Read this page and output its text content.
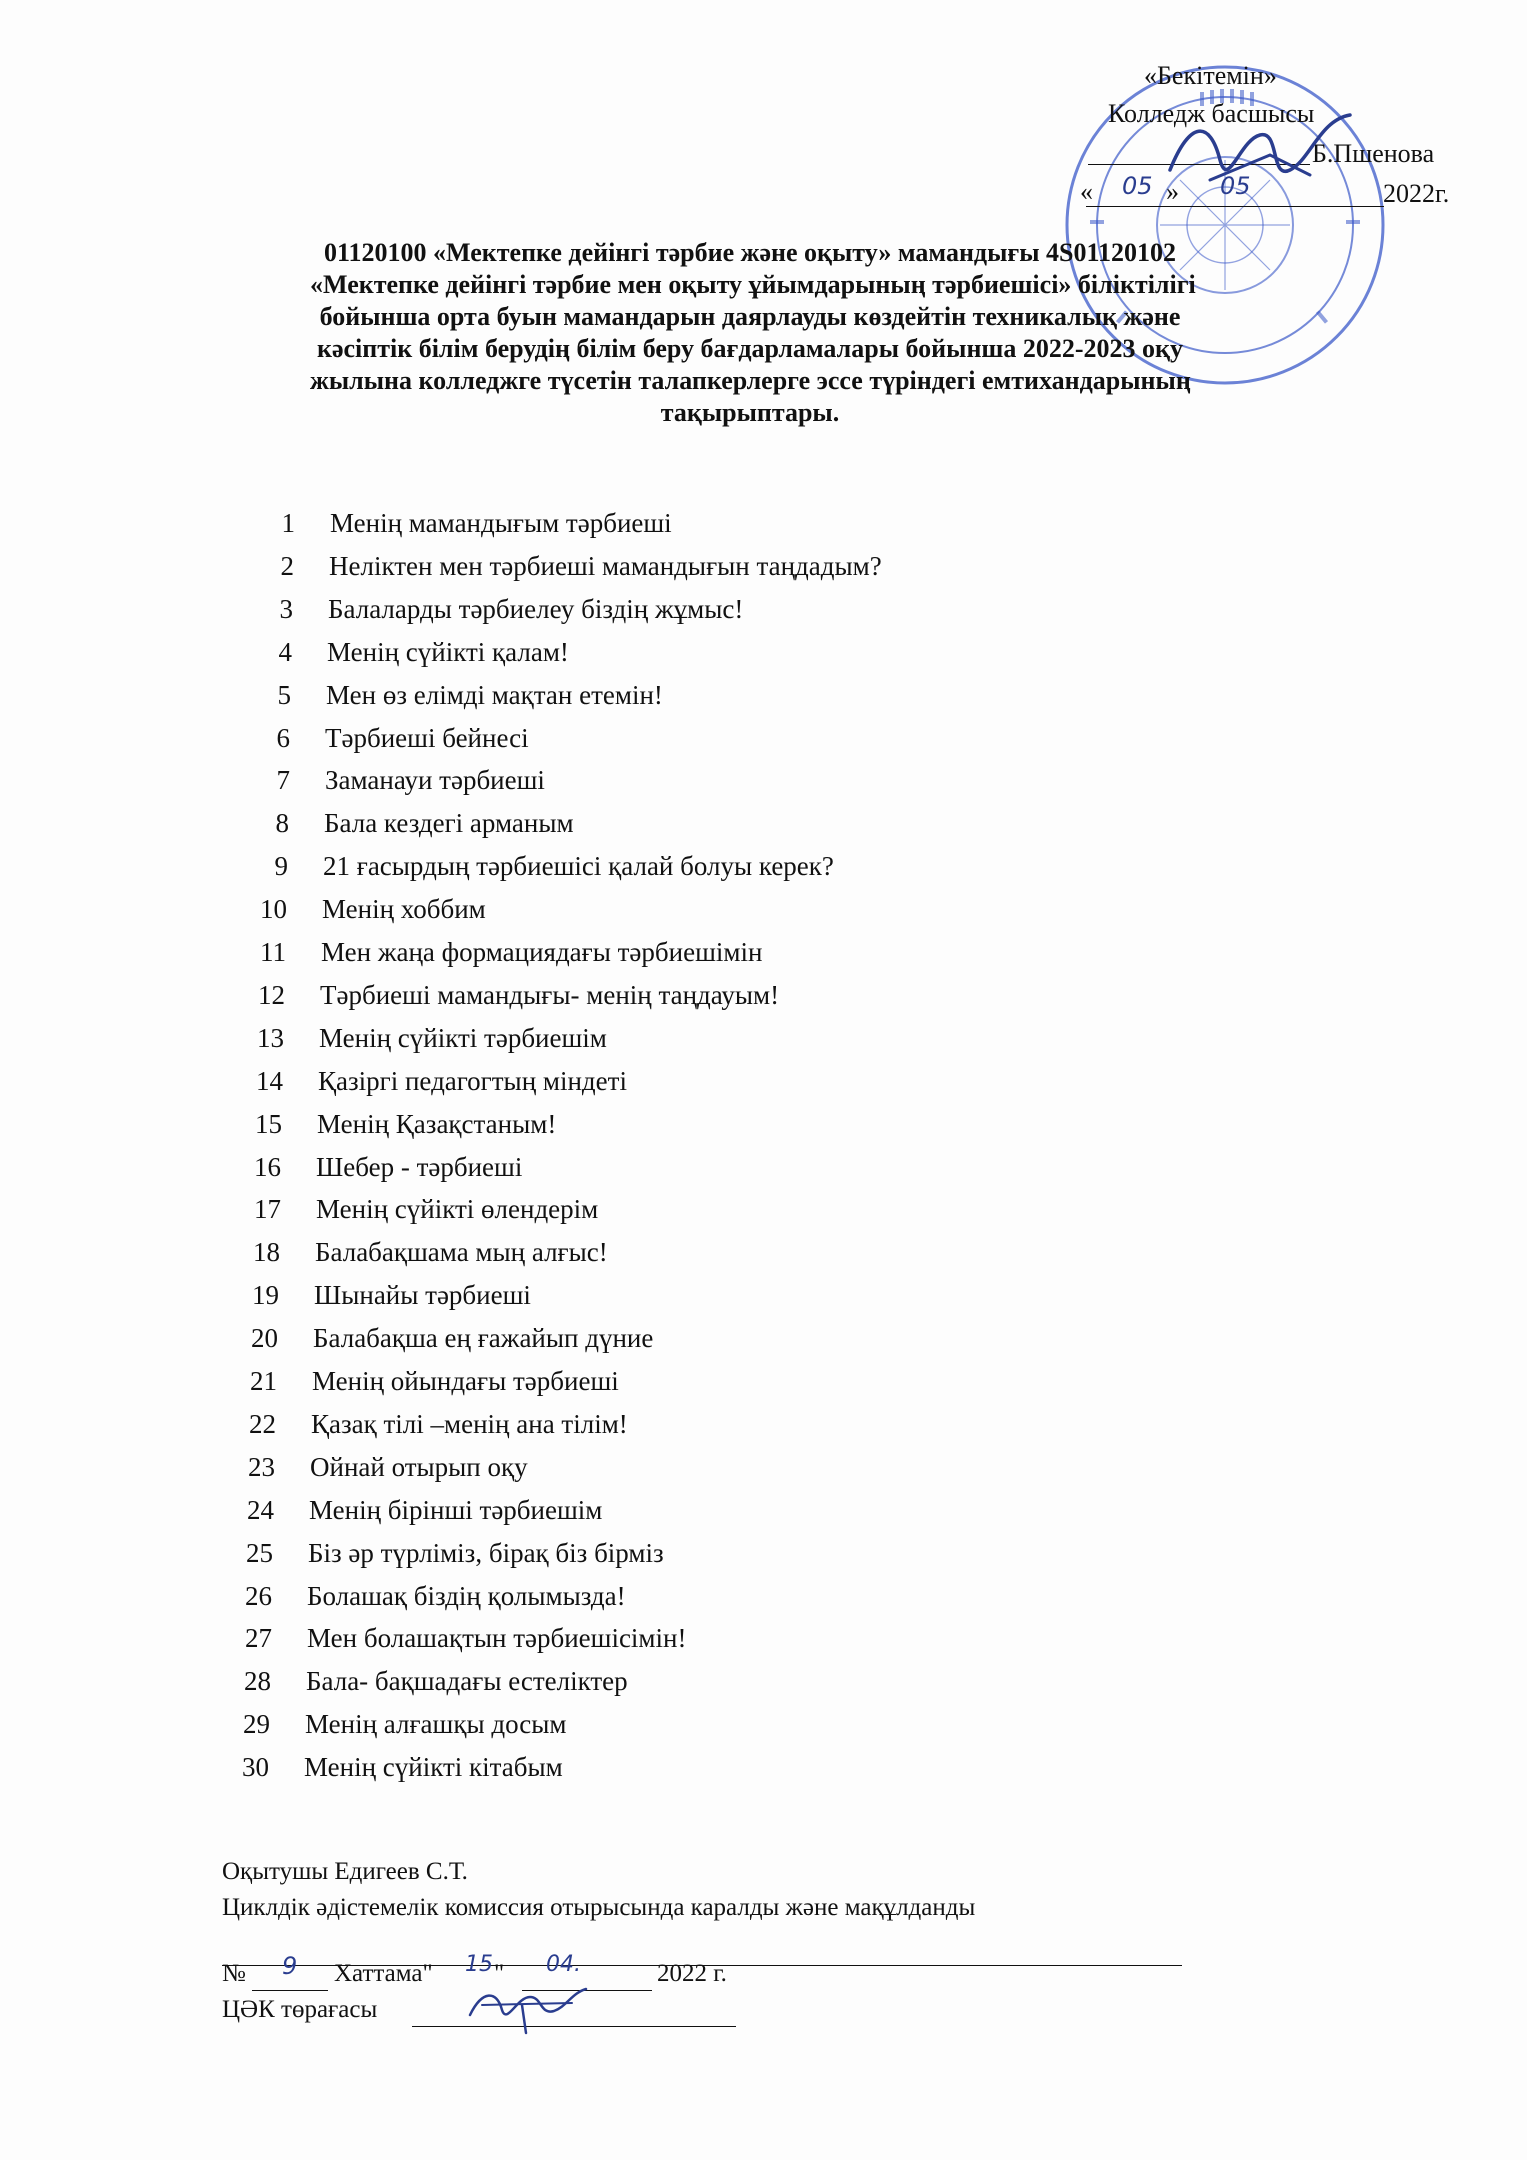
«Бекітемін»
Колледж басшысы
Б.Пшенова
« 05 » 05	2022г.
01120100 «Мектепке дейінгі тәрбие және оқыту» мамандығы 4S01120102
«Мектепке дейінгі тәрбие мен оқыту ұйымдарының тәрбиешісі» біліктілігі
бойынша орта буын мамандарын даярлауды көздейтін техникалық және
кәсіптік білім берудің білім беру бағдарламалары бойынша 2022-2023 оқу
жылына колледжге түсетін талапкерлерге эссе түріндегі емтихандарының
тақырыптары.
1 Менің мамандығым тәрбиеші
2 Неліктен мен тәрбиеші мамандығын таңдадым?
3 Балаларды тәрбиелеу біздің жұмыс!
4 Менің сүйікті қалам!
5 Мен өз елімді мақтан етемін!
6 Тәрбиеші бейнесі
7 Заманауи тәрбиеші
8 Бала кездегі арманым
9 21 ғасырдың тәрбиешісі қалай болуы керек?
10 Менің хоббим
11 Мен жаңа формациядағы тәрбиешімін
12 Тәрбиеші мамандығы- менің таңдауым!
13 Менің сүйікті тәрбиешім
14 Қазіргі педагогтың міндеті
15 Менің Қазақстаным!
16 Шебер - тәрбиеші
17 Менің сүйікті өлендерім
18 Балабақшама мың алғыс!
19 Шынайы тәрбиеші
20 Балабақша ең ғажайып дүние
21 Менің ойындағы тәрбиеші
22 Қазақ тілі –менің ана тілім!
23 Ойнай отырып оқу
24 Менің бірінші тәрбиешім
25 Біз әр түрліміз, бірақ біз бірміз
26 Болашақ біздің қолымызда!
27 Мен болашақтын тәрбиешісімін!
28 Бала- бақшадағы естеліктер
29 Менің алғашқы досым
30 Менің сүйікті кітабым
Оқытушы Едигеев С.Т.
Циклдік әдістемелік комиссия отырысында каралды және мақұлданды
№ 9 Хаттама" 15 " 04.	2022 г.
ЦӘК төрағасы
